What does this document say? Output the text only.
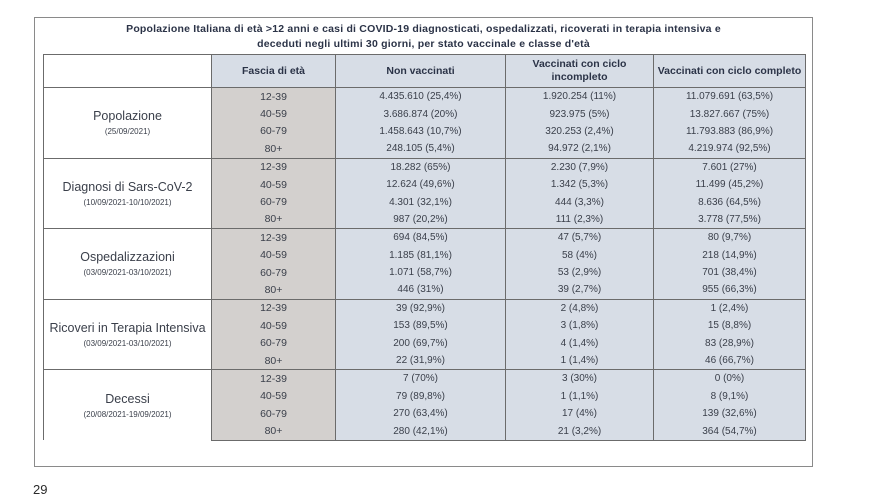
Popolazione Italiana di età >12 anni e casi di COVID-19 diagnosticati, ospedalizzati, ricoverati in terapia intensiva e
deceduti negli ultimi 30 giorni, per stato vaccinale e classe d'età
	Fascia di età	Non vaccinati	Vaccinati con ciclo incompleto	Vaccinati con ciclo completo
Popolazione
(25/09/2021)	12-39	4.435.610 (25,4%)	1.920.254 (11%)	11.079.691 (63,5%)
	40-59	3.686.874 (20%)	923.975 (5%)	13.827.667 (75%)
	60-79	1.458.643 (10,7%)	320.253 (2,4%)	11.793.883 (86,9%)
	80+	248.105 (5,4%)	94.972 (2,1%)	4.219.974 (92,5%)
Diagnosi di Sars-CoV-2
(10/09/2021-10/10/2021)	12-39	18.282 (65%)	2.230 (7,9%)	7.601 (27%)
	40-59	12.624 (49,6%)	1.342 (5,3%)	11.499 (45,2%)
	60-79	4.301 (32,1%)	444 (3,3%)	8.636 (64,5%)
	80+	987 (20,2%)	111 (2,3%)	3.778 (77,5%)
Ospedalizzazioni
(03/09/2021-03/10/2021)	12-39	694 (84,5%)	47 (5,7%)	80 (9,7%)
	40-59	1.185 (81,1%)	58 (4%)	218 (14,9%)
	60-79	1.071 (58,7%)	53 (2,9%)	701 (38,4%)
	80+	446 (31%)	39 (2,7%)	955 (66,3%)
Ricoveri in Terapia Intensiva
(03/09/2021-03/10/2021)	12-39	39 (92,9%)	2 (4,8%)	1 (2,4%)
	40-59	153 (89,5%)	3 (1,8%)	15 (8,8%)
	60-79	200 (69,7%)	4 (1,4%)	83 (28,9%)
	80+	22 (31,9%)	1 (1,4%)	46 (66,7%)
Decessi
(20/08/2021-19/09/2021)	12-39	7 (70%)	3 (30%)	0 (0%)
	40-59	79 (89,8%)	1 (1,1%)	8 (9,1%)
	60-79	270 (63,4%)	17 (4%)	139 (32,6%)
	80+	280 (42,1%)	21 (3,2%)	364 (54,7%)
29
